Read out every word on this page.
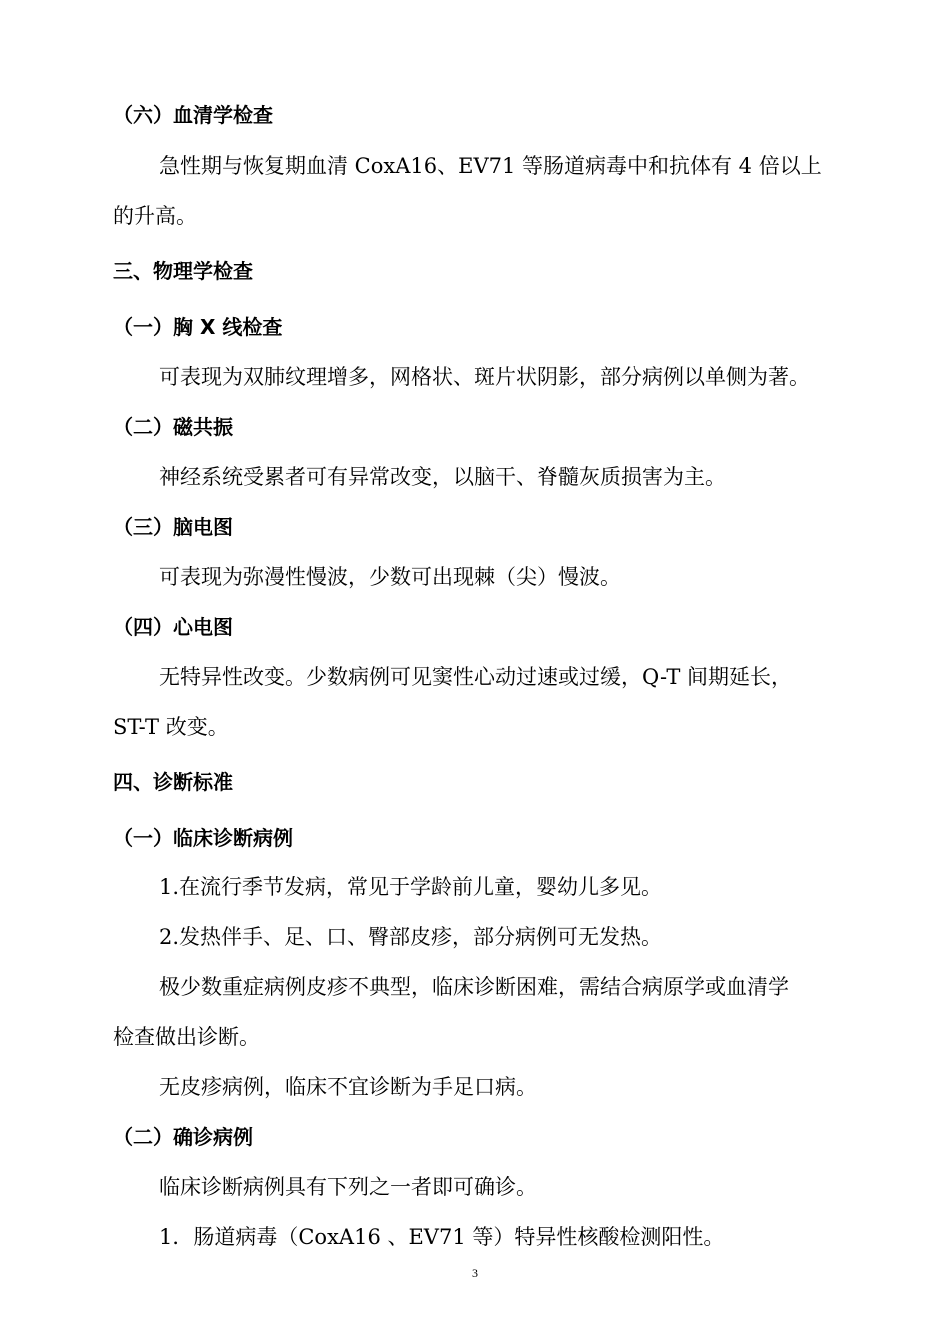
（六）血清学检查
急性期与恢复期血清 CoxA16、EV71 等肠道病毒中和抗体有 4 倍以上
的升高。
三、物理学检查
（一）胸 X 线检查
可表现为双肺纹理增多，网格状、斑片状阴影，部分病例以单侧为著。
（二）磁共振
神经系统受累者可有异常改变，以脑干、脊髓灰质损害为主。
（三）脑电图
可表现为弥漫性慢波，少数可出现棘（尖）慢波。
（四）心电图
无特异性改变。少数病例可见窦性心动过速或过缓，Q-T 间期延长，
ST-T 改变。
四、诊断标准
（一）临床诊断病例
1.在流行季节发病，常见于学龄前儿童，婴幼儿多见。
2.发热伴手、足、口、臀部皮疹，部分病例可无发热。
极少数重症病例皮疹不典型，临床诊断困难，需结合病原学或血清学
检查做出诊断。
无皮疹病例，临床不宜诊断为手足口病。
（二）确诊病例
临床诊断病例具有下列之一者即可确诊。
1．肠道病毒（CoxA16 、EV71 等）特异性核酸检测阳性。
3
